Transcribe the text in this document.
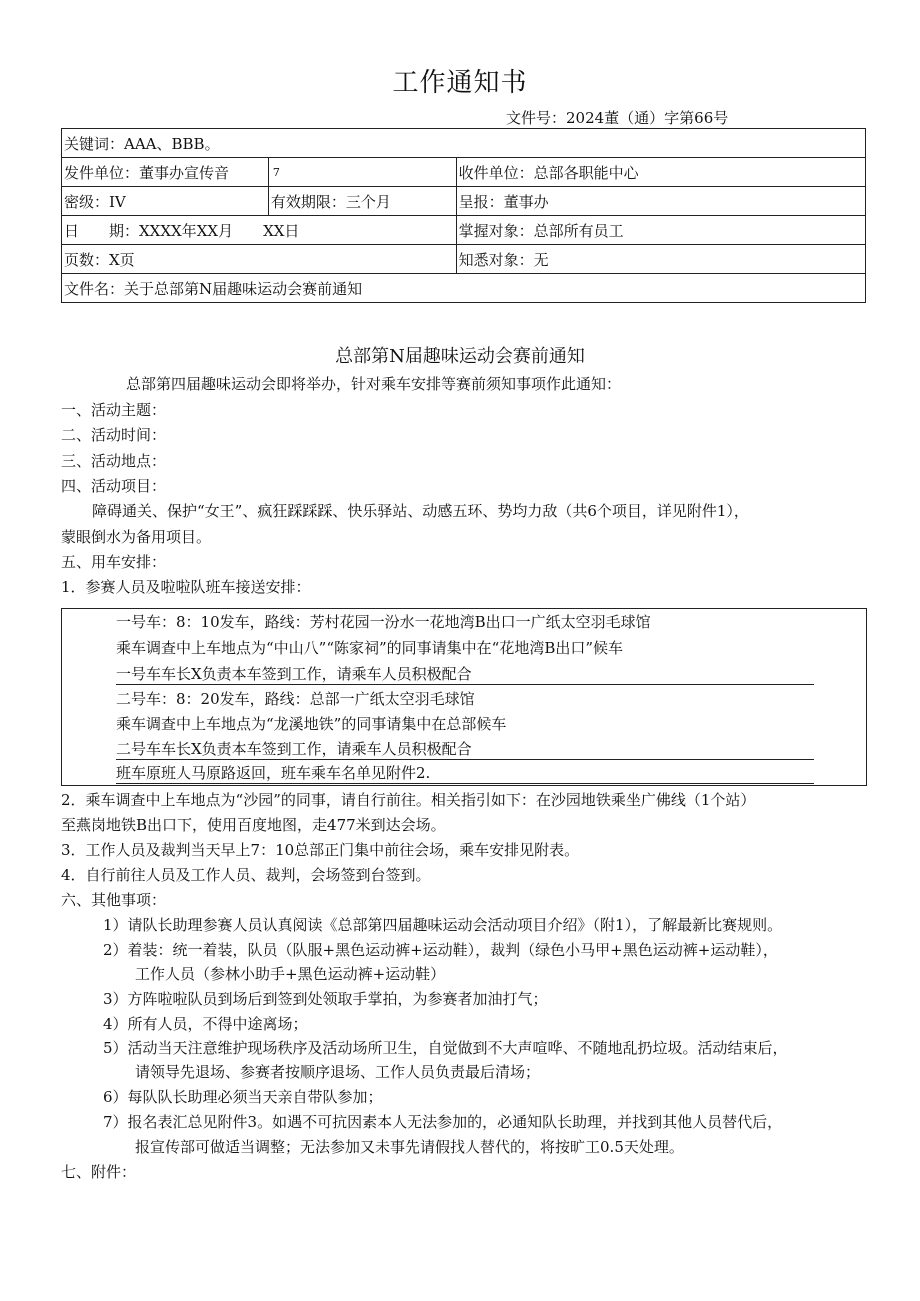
工作通知书
文件号：2024董（通）字第66号
关键词：AAA、BBB。		
发件单位：董事办宣传音	7	收件单位：总部各职能中心
密级：IV	有效期限：三个月	呈报：董事办
日　　期：XXXX年XX月　　XX日		掌握对象：总部所有员工
页数：X页		知悉对象：无
文件名：关于总部第N届趣味运动会赛前通知		
总部第N届趣味运动会赛前通知
总部第四届趣味运动会即将举办，针对乘车安排等赛前须知事项作此通知：
一、活动主题：
二、活动时间：
三、活动地点：
四、活动项目：
障碍通关、保护“女王”、疯狂踩踩踩、快乐驿站、动感五环、势均力敌（共6个项目，详见附件1），
蒙眼倒水为备用项目。
五、用车安排：
1．参赛人员及啦啦队班车接送安排：
一号车：8：10发车，路线：芳村花园一汾水一花地湾B出口一广纸太空羽毛球馆
乘车调查中上车地点为“中山八”“陈家祠”的同事请集中在“花地湾B出口”候车
一号车车长X负责本车签到工作，请乘车人员积极配合
二号车：8：20发车，路线：总部一广纸太空羽毛球馆
乘车调查中上车地点为“龙溪地铁”的同事请集中在总部候车
二号车车长X负责本车签到工作，请乘车人员积极配合
班车原班人马原路返回，班车乘车名单见附件2.
2．乘车调查中上车地点为“沙园”的同事，请自行前往。相关指引如下：在沙园地铁乘坐广佛线（1个站）
至燕岗地铁B出口下，使用百度地图，走477米到达会场。
3．工作人员及裁判当天早上7：10总部正门集中前往会场，乘车安排见附表。
4．自行前往人员及工作人员、裁判，会场签到台签到。
六、其他事项：
1）请队长助理参赛人员认真阅读《总部第四届趣味运动会活动项目介绍》（附1），了解最新比赛规则。
2）着装：统一着装，队员（队服+黑色运动裤+运动鞋），裁判（绿色小马甲+黑色运动裤+运动鞋），
工作人员（参林小助手+黑色运动裤+运动鞋）
3）方阵啦啦队员到场后到签到处领取手掌拍，为参赛者加油打气；
4）所有人员，不得中途离场；
5）活动当天注意维护现场秩序及活动场所卫生，自觉做到不大声喧哗、不随地乱扔垃圾。活动结束后，
请领导先退场、参赛者按顺序退场、工作人员负责最后清场；
6）每队队长助理必须当天亲自带队参加；
7）报名表汇总见附件3。如遇不可抗因素本人无法参加的，必通知队长助理，并找到其他人员替代后，
报宣传部可做适当调整；无法参加又未事先请假找人替代的，将按旷工0.5天处理。
七、附件：
